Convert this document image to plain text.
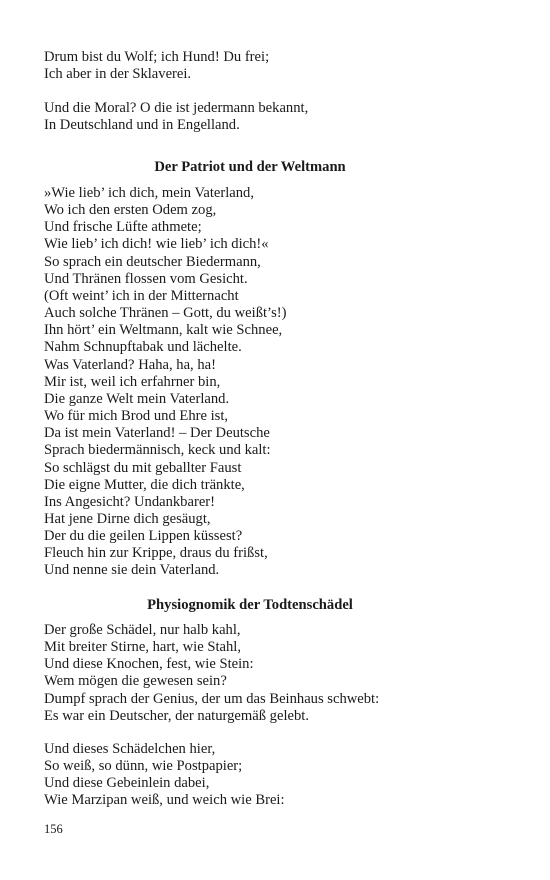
Drum bist du Wolf; ich Hund! Du frei;
Ich aber in der Sklaverei.
Und die Moral? O die ist jedermann bekannt,
In Deutschland und in Engelland.
Der Patriot und der Weltmann
»Wie lieb’ ich dich, mein Vaterland,
Wo ich den ersten Odem zog,
Und frische Lüfte athmete;
Wie lieb’ ich dich! wie lieb’ ich dich!«
So sprach ein deutscher Biedermann,
Und Thränen flossen vom Gesicht.
(Oft weint’ ich in der Mitternacht
Auch solche Thränen – Gott, du weißt’s!)
Ihn hört’ ein Weltmann, kalt wie Schnee,
Nahm Schnupftabak und lächelte.
Was Vaterland? Haha, ha, ha!
Mir ist, weil ich erfahrner bin,
Die ganze Welt mein Vaterland.
Wo für mich Brod und Ehre ist,
Da ist mein Vaterland! – Der Deutsche
Sprach biedermännisch, keck und kalt:
So schlägst du mit geballter Faust
Die eigne Mutter, die dich tränkte,
Ins Angesicht? Undankbarer!
Hat jene Dirne dich gesäugt,
Der du die geilen Lippen küssest?
Fleuch hin zur Krippe, draus du frißst,
Und nenne sie dein Vaterland.
Physiognomik der Todtenschädel
Der große Schädel, nur halb kahl,
Mit breiter Stirne, hart, wie Stahl,
Und diese Knochen, fest, wie Stein:
Wem mögen die gewesen sein?
Dumpf sprach der Genius, der um das Beinhaus schwebt:
Es war ein Deutscher, der naturgemäß gelebt.
Und dieses Schädelchen hier,
So weiß, so dünn, wie Postpapier;
Und diese Gebeinlein dabei,
Wie Marzipan weiß, und weich wie Brei:
156
